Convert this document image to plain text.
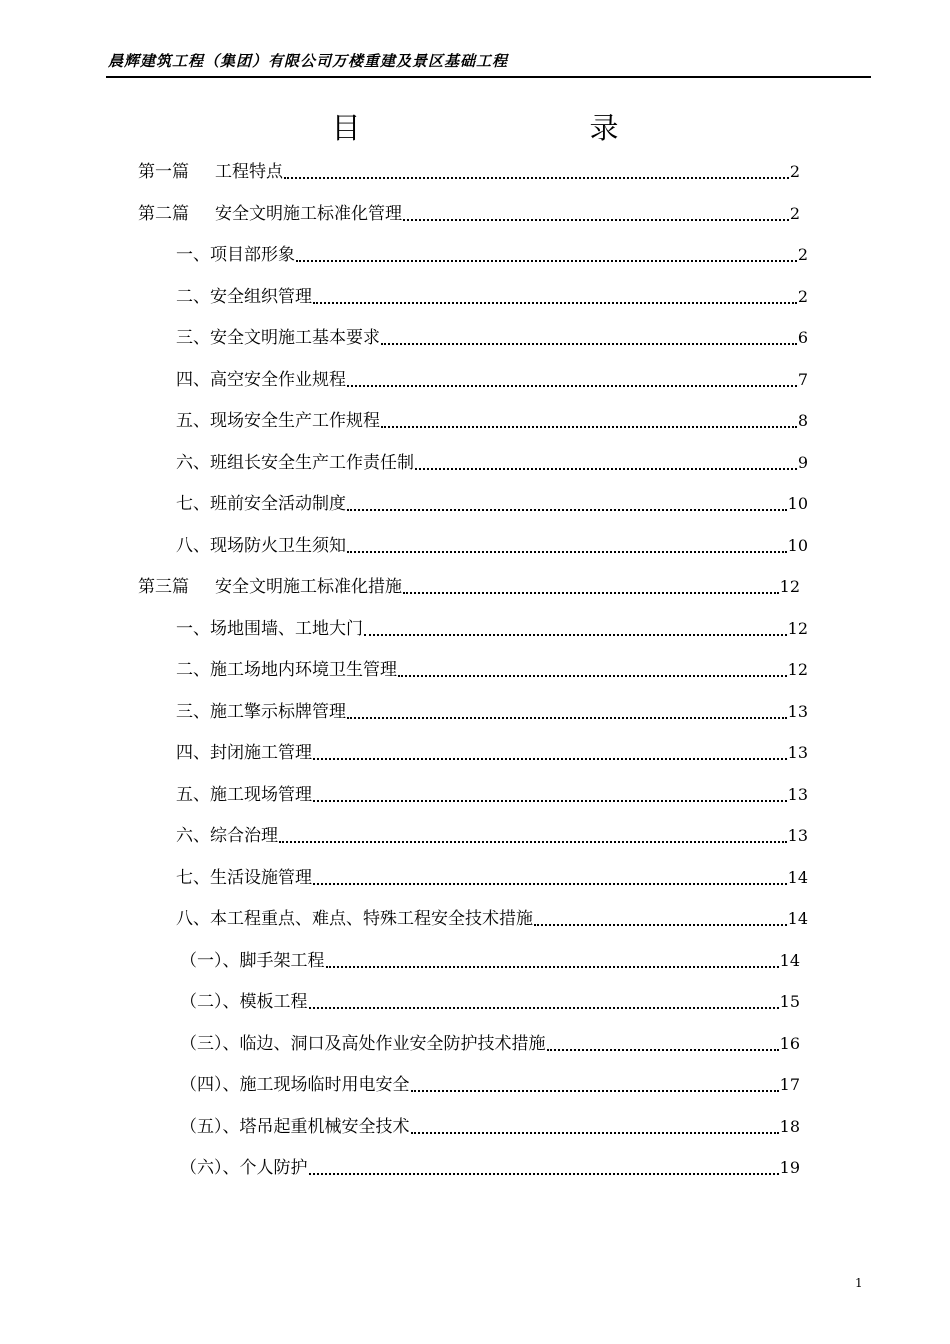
晨辉建筑工程（集团）有限公司万楼重建及景区基础工程
目　录
第一篇 工程特点	2
第二篇 安全文明施工标准化管理	2
一、项目部形象	2
二、安全组织管理	2
三、安全文明施工基本要求	6
四、高空安全作业规程	7
五、现场安全生产工作规程	8
六、班组长安全生产工作责任制	9
七、班前安全活动制度	10
八、现场防火卫生须知	10
第三篇 安全文明施工标准化措施	12
一、场地围墙、工地大门	12
二、施工场地内环境卫生管理	12
三、施工擎示标牌管理	13
四、封闭施工管理	13
五、施工现场管理	13
六、综合治理	13
七、生活设施管理	14
八、本工程重点、难点、特殊工程安全技术措施	14
（一）、脚手架工程	14
（二）、模板工程	15
（三）、临边、洞口及高处作业安全防护技术措施	16
（四）、施工现场临时用电安全	17
（五）、塔吊起重机械安全技术	18
（六）、个人防护	19
1
